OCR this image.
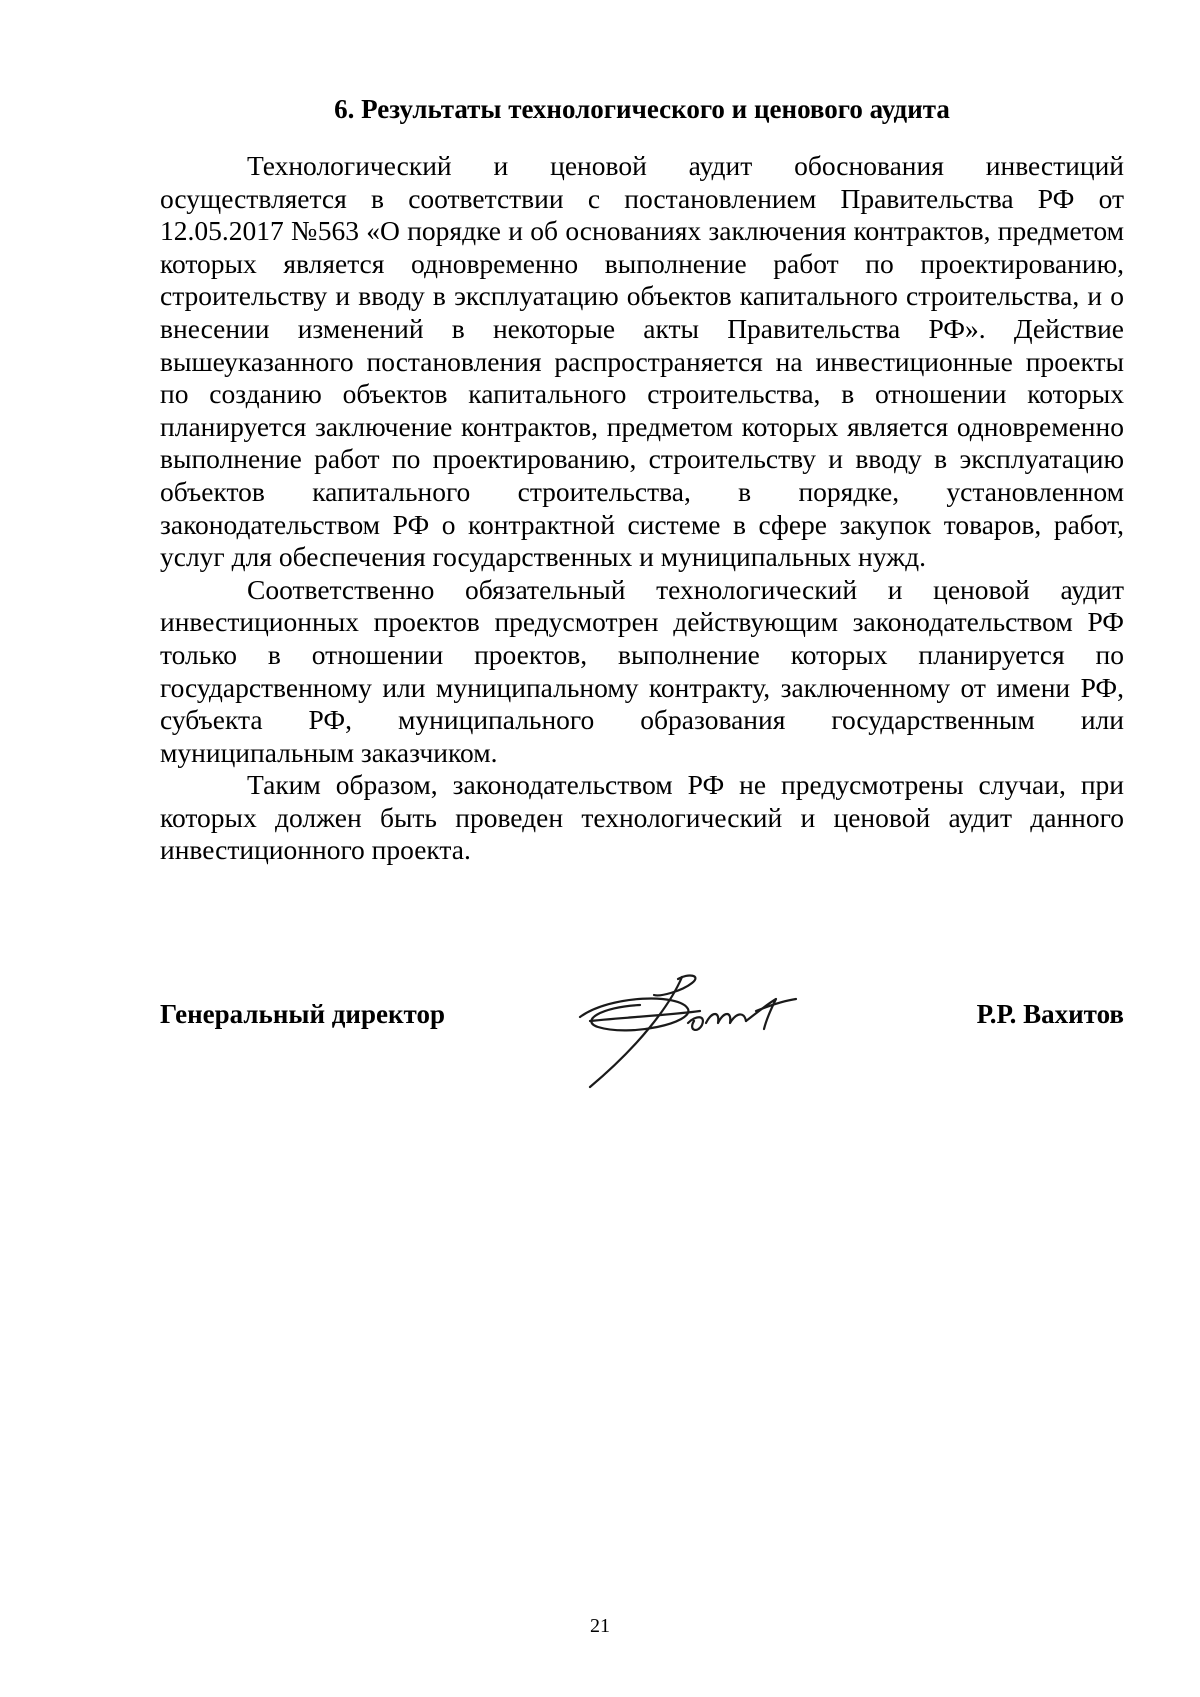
6. Результаты технологического и ценового аудита

Технологический и ценовой аудит обоснования инвестиций осуществляется в соответствии с постановлением Правительства РФ от 12.05.2017 №563 «О порядке и об основаниях заключения контрактов, предметом которых является одновременно выполнение работ по проектированию, строительству и вводу в эксплуатацию объектов капитального строительства, и о внесении изменений в некоторые акты Правительства РФ». Действие вышеуказанного постановления распространяется на инвестиционные проекты по созданию объектов капитального строительства, в отношении которых планируется заключение контрактов, предметом которых является одновременно выполнение работ по проектированию, строительству и вводу в эксплуатацию объектов капитального строительства, в порядке, установленном законодательством РФ о контрактной системе в сфере закупок товаров, работ, услуг для обеспечения государственных и муниципальных нужд.

Соответственно обязательный технологический и ценовой аудит инвестиционных проектов предусмотрен действующим законодательством РФ только в отношении проектов, выполнение которых планируется по государственному или муниципальному контракту, заключенному от имени РФ, субъекта РФ, муниципального образования государственным или муниципальным заказчиком.

Таким образом, законодательством РФ не предусмотрены случаи, при которых должен быть проведен технологический и ценовой аудит данного инвестиционного проекта.

Генеральный директор	Р.Р. Вахитов
21
